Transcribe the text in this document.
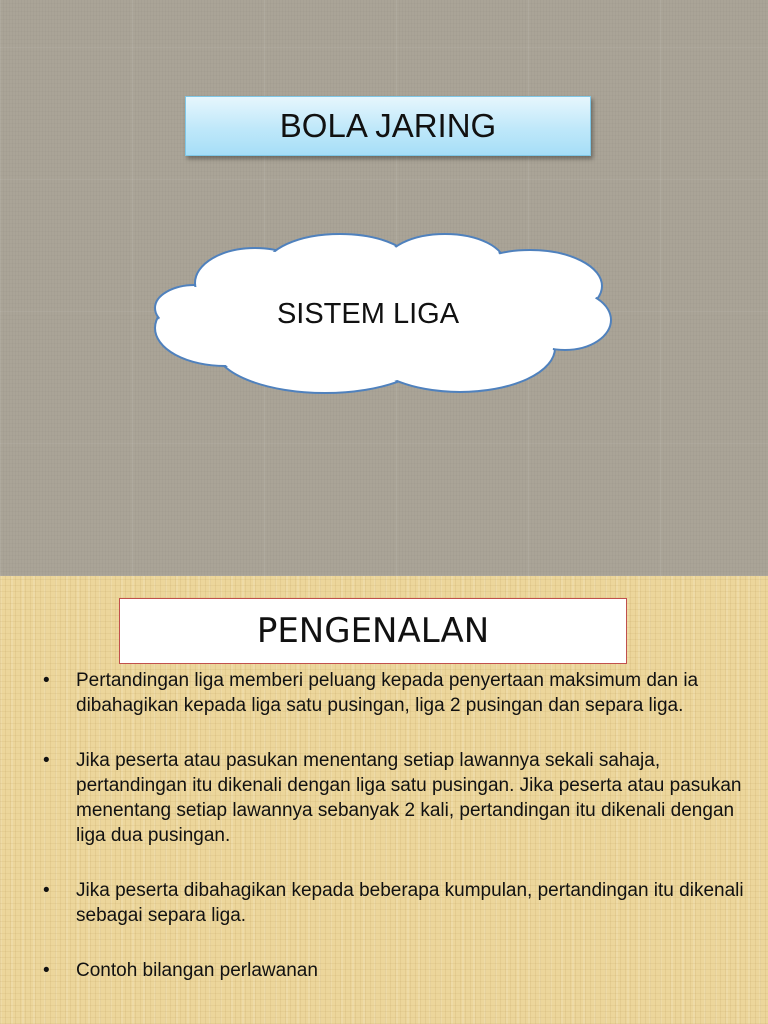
BOLA JARING
SISTEM LIGA
PENGENALAN
• Pertandingan liga memberi peluang kepada penyertaan maksimum dan ia dibahagikan kepada liga satu pusingan, liga 2 pusingan dan separa liga.
• Jika peserta atau pasukan menentang setiap lawannya sekali sahaja, pertandingan itu dikenali dengan liga satu pusingan. Jika peserta atau pasukan menentang setiap lawannya sebanyak 2 kali, pertandingan itu dikenali dengan liga dua pusingan.
• Jika peserta dibahagikan kepada beberapa kumpulan, pertandingan itu dikenali sebagai separa liga.
• Contoh bilangan perlawanan
